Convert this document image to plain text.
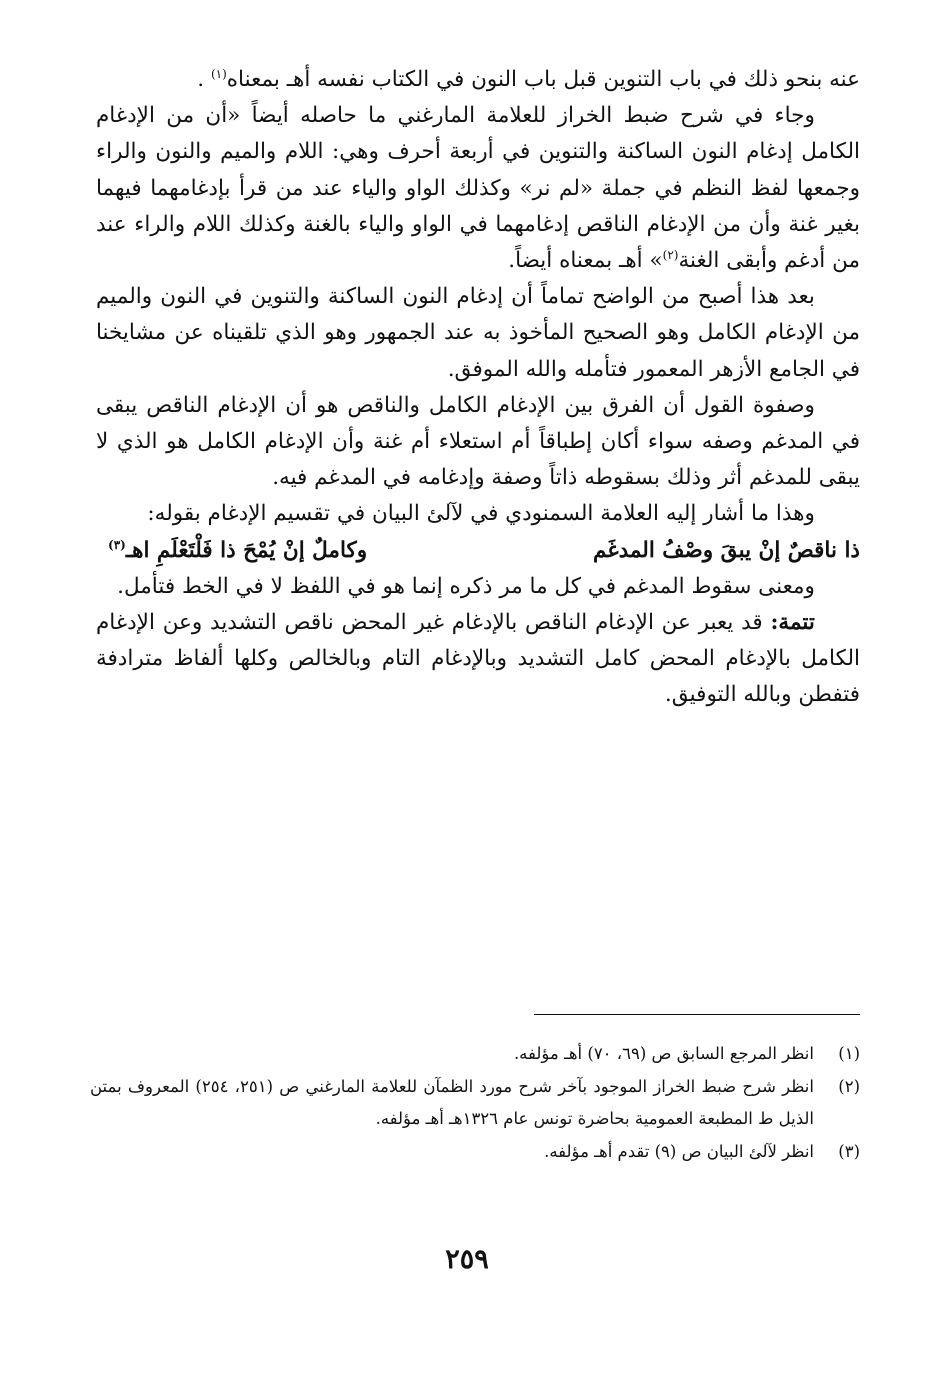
عنه بنحو ذلك في باب التنوين قبل باب النون في الكتاب نفسه أهـ بمعناه$^{(١)}$ .

وجاء في شرح ضبط الخراز للعلامة المارغني ما حاصله أيضاً «أن من الإدغام الكامل إدغام النون الساكنة والتنوين في أربعة أحرف وهي: اللام والميم والنون والراء وجمعها لفظ النظم في جملة «لم نر» وكذلك الواو والياء عند من قرأ بإدغامهما فيهما بغير غنة وأن من الإدغام الناقص إدغامهما في الواو والياء بالغنة وكذلك اللام والراء عند من أدغم وأبقى الغنة$^{(٢)}$» أهـ بمعناه أيضاً.

بعد هذا أصبح من الواضح تماماً أن إدغام النون الساكنة والتنوين في النون والميم من الإدغام الكامل وهو الصحيح المأخوذ به عند الجمهور وهو الذي تلقيناه عن مشايخنا في الجامع الأزهر المعمور فتأمله والله الموفق.

وصفوة القول أن الفرق بين الإدغام الكامل والناقص هو أن الإدغام الناقص يبقى في المدغم وصفه سواء أكان إطباقاً أم استعلاء أم غنة وأن الإدغام الكامل هو الذي لا يبقى للمدغم أثر وذلك بسقوطه ذاتاً وصفة وإدغامه في المدغم فيه.

وهذا ما أشار إليه العلامة السمنودي في لآلئ البيان في تقسيم الإدغام بقوله:

ذا ناقصٌ إنْ يبقَ وصْفُ المدغَم
وكاملٌ إنْ يُمْحَ ذا فَلْتَعْلَمِ اهـ$^{(٣)}$

ومعنى سقوط المدغم في كل ما مر ذكره إنما هو في اللفظ لا في الخط فتأمل.

تتمة: قد يعبر عن الإدغام الناقص بالإدغام غير المحض ناقص التشديد وعن الإدغام الكامل بالإدغام المحض كامل التشديد وبالإدغام التام وبالخالص وكلها ألفاظ مترادفة فتفطن وبالله التوفيق.

(١)
انظر المرجع السابق ص (٦٩، ٧٠) أهـ مؤلفه.
(٢)
انظر شرح ضبط الخراز الموجود بآخر شرح مورد الظمآن للعلامة المارغني ص (٢٥١، ٢٥٤) المعروف بمتن الذيل ط المطبعة العمومية بحاضرة تونس عام ١٣٢٦هـ أهـ مؤلفه.
(٣)
انظر لآلئ البيان ص (٩) تقدم أهـ مؤلفه.
٢٥٩
